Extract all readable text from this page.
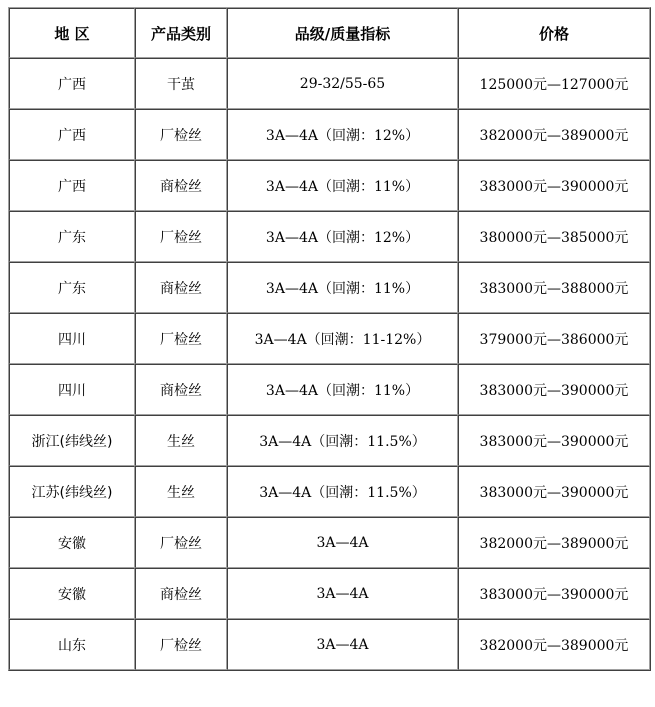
地 区	产品类别	品级/质量指标	价格
广西	干茧	29-32/55-65	125000元—127000元
广西	厂检丝	3A—4A（回潮：12%）	382000元—389000元
广西	商检丝	3A—4A（回潮：11%）	383000元—390000元
广东	厂检丝	3A—4A（回潮：12%）	380000元—385000元
广东	商检丝	3A—4A（回潮：11%）	383000元—388000元
四川	厂检丝	3A—4A（回潮：11-12%）	379000元—386000元
四川	商检丝	3A—4A（回潮：11%）	383000元—390000元
浙江(纬线丝)	生丝	3A—4A（回潮：11.5%）	383000元—390000元
江苏(纬线丝)	生丝	3A—4A（回潮：11.5%）	383000元—390000元
安徽	厂检丝	3A—4A	382000元—389000元
安徽	商检丝	3A—4A	383000元—390000元
山东	厂检丝	3A—4A	382000元—389000元
